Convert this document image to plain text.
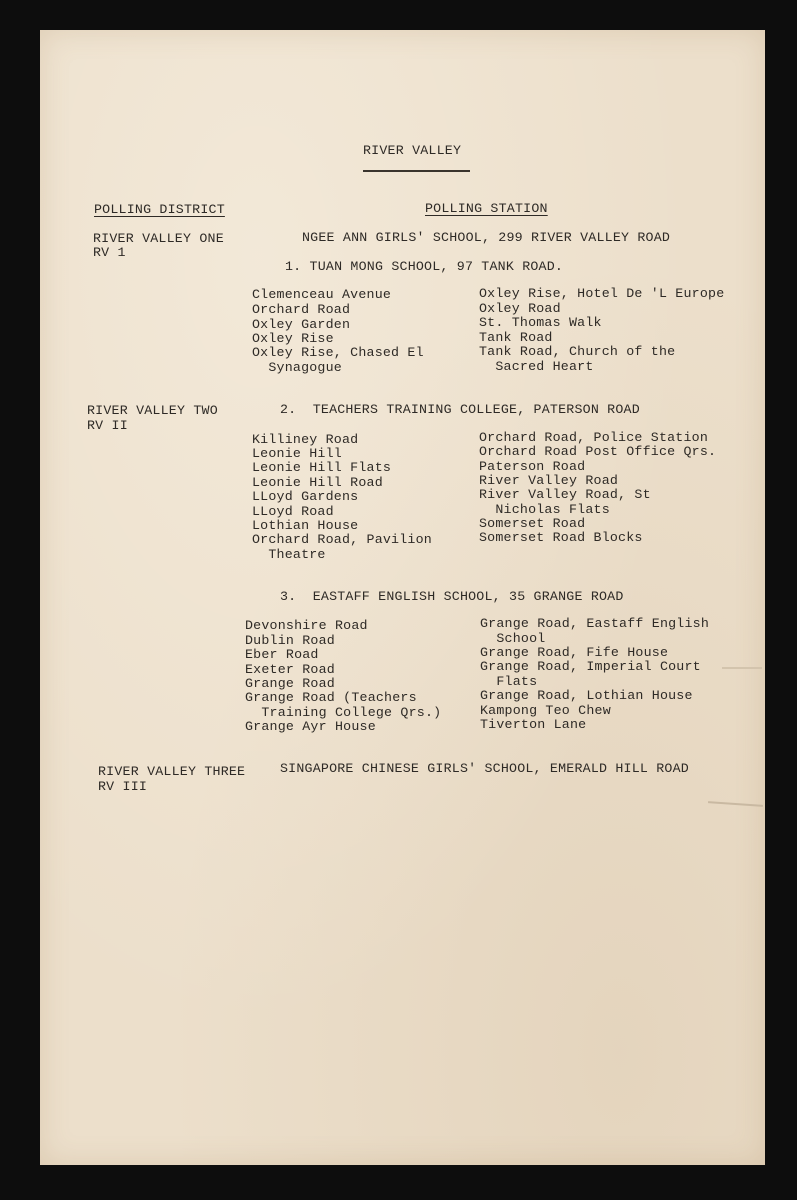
RIVER VALLEY
POLLING DISTRICT	POLLING STATION
RIVER VALLEY ONE
RV 1
NGEE ANN GIRLS' SCHOOL, 299 RIVER VALLEY ROAD
1. TUAN MONG SCHOOL, 97 TANK ROAD.
Clemenceau Avenue
Orchard Road
Oxley Garden
Oxley Rise
Oxley Rise, Chased El
Synagogue
Oxley Rise, Hotel De 'L Europe
Oxley Road
St. Thomas Walk
Tank Road
Tank Road, Church of the
Sacred Heart
RIVER VALLEY TWO
RV II
2.  TEACHERS TRAINING COLLEGE, PATERSON ROAD
Killiney Road
Leonie Hill
Leonie Hill Flats
Leonie Hill Road
LLoyd Gardens
LLoyd Road
Lothian House
Orchard Road, Pavilion
Theatre
Orchard Road, Police Station
Orchard Road Post Office Qrs.
Paterson Road
River Valley Road
River Valley Road, St
Nicholas Flats
Somerset Road
Somerset Road Blocks
3.  EASTAFF ENGLISH SCHOOL, 35 GRANGE ROAD
Devonshire Road
Dublin Road
Eber Road
Exeter Road
Grange Road
Grange Road (Teachers
Training College Qrs.)
Grange Ayr House
Grange Road, Eastaff English
School
Grange Road, Fife House
Grange Road, Imperial Court
Flats
Grange Road, Lothian House
Kampong Teo Chew
Tiverton Lane
RIVER VALLEY THREE
RV III
SINGAPORE CHINESE GIRLS' SCHOOL, EMERALD HILL ROAD
